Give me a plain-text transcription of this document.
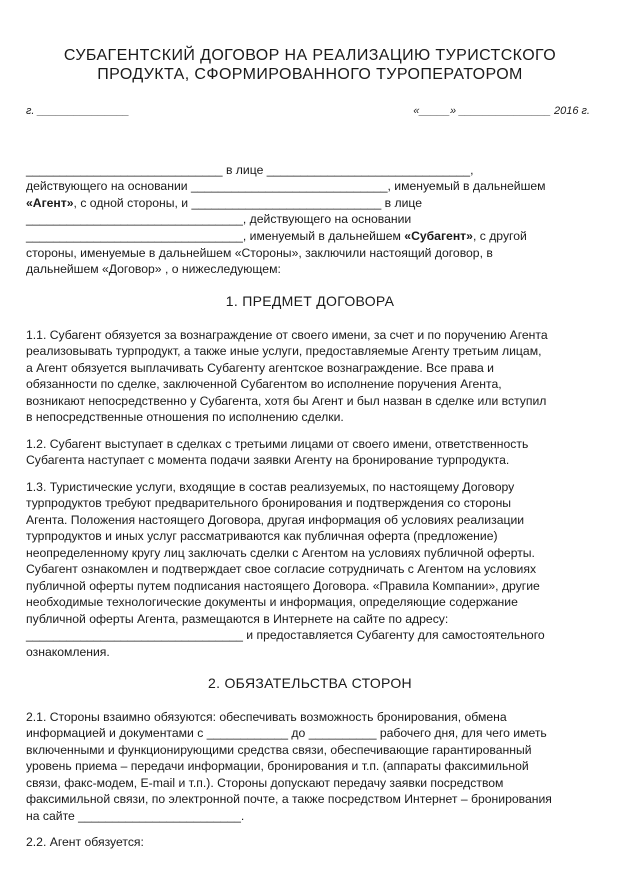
СУБАГЕНТСКИЙ ДОГОВОР НА РЕАЛИЗАЦИЮ ТУРИСТСКОГО
ПРОДУКТА, СФОРМИРОВАННОГО ТУРОПЕРАТОРОМ
г. _______________	«_____» _______________ 2016 г.
_____________________________ в лице ______________________________,
действующего на основании _____________________________, именуемый в дальнейшем
«Агент», с одной стороны, и ____________________________ в лице
________________________________, действующего на основании
________________________________, именуемый в дальнейшем «Субагент», с другой
стороны, именуемые в дальнейшем «Стороны», заключили настоящий договор, в
дальнейшем «Договор» , о нижеследующем:
1. ПРЕДМЕТ ДОГОВОРА
1.1. Субагент обязуется за вознаграждение от своего имени, за счет и по поручению Агента
реализовывать турпродукт, а также иные услуги, предоставляемые Агенту третьим лицам,
а Агент обязуется выплачивать Субагенту агентское вознаграждение. Все права и
обязанности по сделке, заключенной Субагентом во исполнение поручения Агента,
возникают непосредственно у Субагента, хотя бы Агент и был назван в сделке или вступил
в непосредственные отношения по исполнению сделки.
1.2. Субагент выступает в сделках с третьими лицами от своего имени, ответственность
Субагента наступает с момента подачи заявки Агенту на бронирование турпродукта.
1.3. Туристические услуги, входящие в состав реализуемых, по настоящему Договору
турпродуктов требуют предварительного бронирования и подтверждения со стороны
Агента. Положения настоящего Договора, другая информация об условиях реализации
турпродуктов и иных услуг рассматриваются как публичная оферта (предложение)
неопределенному кругу лиц заключать сделки с Агентом на условиях публичной оферты.
Субагент ознакомлен и подтверждает свое согласие сотрудничать с Агентом на условиях
публичной оферты путем подписания настоящего Договора. «Правила Компании», другие
необходимые технологические документы и информация, определяющие содержание
публичной оферты Агента, размещаются в Интернете на сайте по адресу:
________________________________ и предоставляется Субагенту для самостоятельного
ознакомления.
2. ОБЯЗАТЕЛЬСТВА СТОРОН
2.1. Стороны взаимно обязуются: обеспечивать возможность бронирования, обмена
информацией и документами с ____________ до __________ рабочего дня, для чего иметь
включенными и функционирующими средства связи, обеспечивающие гарантированный
уровень приема – передачи информации, бронирования и т.п. (аппараты факсимильной
связи, факс-модем, E-mail и т.п.). Стороны допускают передачу заявки посредством
факсимильной связи, по электронной почте, а также посредством Интернет – бронирования
на сайте ________________________.
2.2. Агент обязуется:
